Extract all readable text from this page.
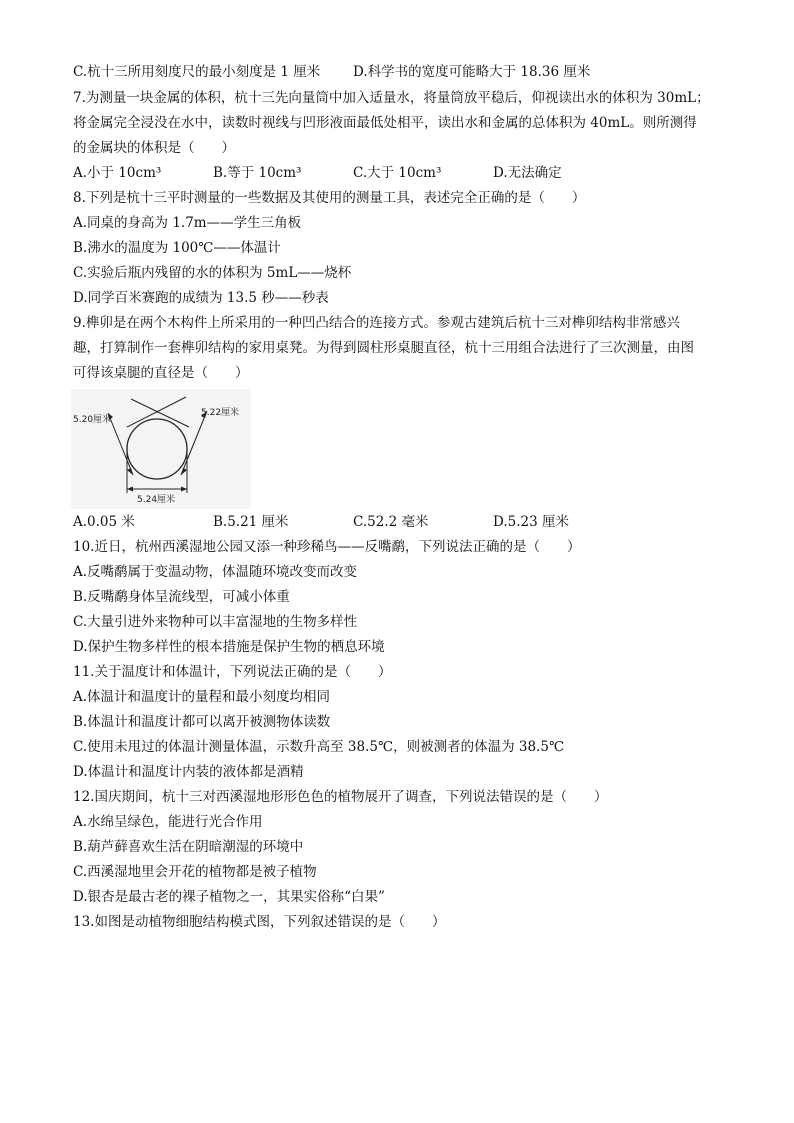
C.杭十三所用刻度尺的最小刻度是 1 厘米 D.科学书的宽度可能略大于 18.36 厘米
7.为测量一块金属的体积，杭十三先向量筒中加入适量水，将量筒放平稳后，仰视读出水的体积为 30mL；
将金属完全浸没在水中，读数时视线与凹形液面最低处相平，读出水和金属的总体积为 40mL。则所测得
的金属块的体积是（　　）
A.小于 10cm³	B.等于 10cm³	C.大于 10cm³	D.无法确定
8.下列是杭十三平时测量的一些数据及其使用的测量工具，表述完全正确的是（　　）
A.同桌的身高为 1.7m——学生三角板
B.沸水的温度为 100℃——体温计
C.实验后瓶内残留的水的体积为 5mL——烧杯
D.同学百米赛跑的成绩为 13.5 秒——秒表
9.榫卯是在两个木构件上所采用的一种凹凸结合的连接方式。参观古建筑后杭十三对榫卯结构非常感兴
趣，打算制作一套榫卯结构的家用桌凳。为得到圆柱形桌腿直径，杭十三用组合法进行了三次测量，由图
可得该桌腿的直径是（　　）
5.20厘米
5.22厘米
5.24厘米
A.0.05 米	B.5.21 厘米	C.52.2 毫米	D.5.23 厘米
10.近日，杭州西溪湿地公园又添一种珍稀鸟——反嘴鹬，下列说法正确的是（　　）
A.反嘴鹬属于变温动物，体温随环境改变而改变
B.反嘴鹬身体呈流线型，可减小体重
C.大量引进外来物种可以丰富湿地的生物多样性
D.保护生物多样性的根本措施是保护生物的栖息环境
11.关于温度计和体温计，下列说法正确的是（　　）
A.体温计和温度计的量程和最小刻度均相同
B.体温计和温度计都可以离开被测物体读数
C.使用未甩过的体温计测量体温，示数升高至 38.5℃，则被测者的体温为 38.5℃
D.体温计和温度计内装的液体都是酒精
12.国庆期间，杭十三对西溪湿地形形色色的植物展开了调查，下列说法错误的是（　　）
A.水绵呈绿色，能进行光合作用
B.葫芦藓喜欢生活在阴暗潮湿的环境中
C.西溪湿地里会开花的植物都是被子植物
D.银杏是最古老的裸子植物之一，其果实俗称“白果”
13.如图是动植物细胞结构模式图，下列叙述错误的是（　　）
